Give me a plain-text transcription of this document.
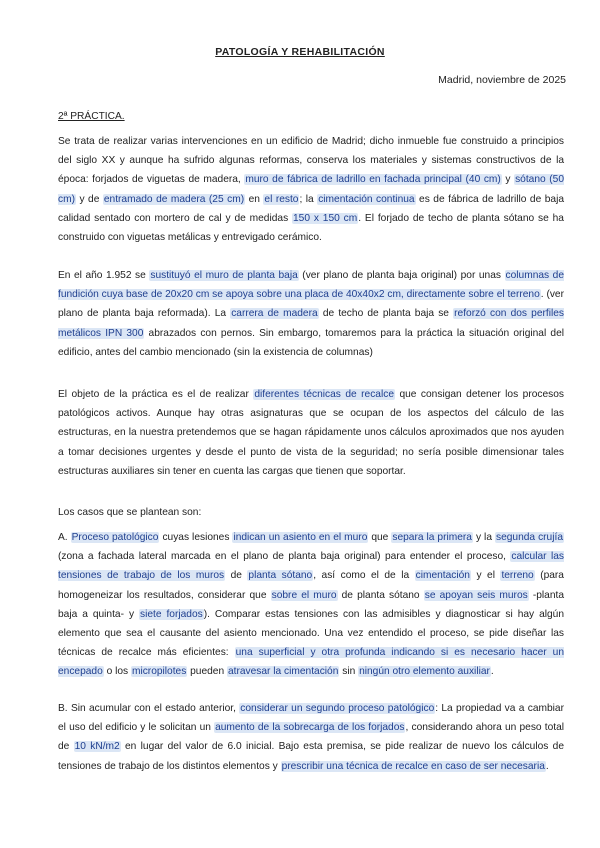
PATOLOGÍA Y REHABILITACIÓN
Madrid, noviembre de 2025
2ª PRÁCTICA.

Se trata de realizar varias intervenciones en un edificio de Madrid; dicho inmueble fue construido a principios del siglo XX y aunque ha sufrido algunas reformas, conserva los materiales y sistemas constructivos de la época: forjados de viguetas de madera, muro de fábrica de ladrillo en fachada principal (40 cm) y sótano (50 cm) y de entramado de madera (25 cm) en el resto; la cimentación continua es de fábrica de ladrillo de baja calidad sentado con mortero de cal y de medidas 150 x 150 cm. El forjado de techo de planta sótano se ha construido con viguetas metálicas y entrevigado cerámico.

En el año 1.952 se sustituyó el muro de planta baja (ver plano de planta baja original) por unas columnas de fundición cuya base de 20x20 cm se apoya sobre una placa de 40x40x2 cm, directamente sobre el terreno. (ver plano de planta baja reformada). La carrera de madera de techo de planta baja se reforzó con dos perfiles metálicos IPN 300 abrazados con pernos. Sin embargo, tomaremos para la práctica la situación original del edificio, antes del cambio mencionado (sin la existencia de columnas)

El objeto de la práctica es el de realizar diferentes técnicas de recalce que consigan detener los procesos patológicos activos. Aunque hay otras asignaturas que se ocupan de los aspectos del cálculo de las estructuras, en la nuestra pretendemos que se hagan rápidamente unos cálculos aproximados que nos ayuden a tomar decisiones urgentes y desde el punto de vista de la seguridad; no sería posible dimensionar tales estructuras auxiliares sin tener en cuenta las cargas que tienen que soportar.

Los casos que se plantean son:

A. Proceso patológico cuyas lesiones indican un asiento en el muro que separa la primera y la segunda crujía (zona a fachada lateral marcada en el plano de planta baja original) para entender el proceso, calcular las tensiones de trabajo de los muros de planta sótano, así como el de la cimentación y el terreno (para homogeneizar los resultados, considerar que sobre el muro de planta sótano se apoyan seis muros -planta baja a quinta- y siete forjados). Comparar estas tensiones con las admisibles y diagnosticar si hay algún elemento que sea el causante del asiento mencionado. Una vez entendido el proceso, se pide diseñar las técnicas de recalce más eficientes: una superficial y otra profunda indicando si es necesario hacer un encepado o los micropilotes pueden atravesar la cimentación sin ningún otro elemento auxiliar.

B. Sin acumular con el estado anterior, considerar un segundo proceso patológico: La propiedad va a cambiar el uso del edificio y le solicitan un aumento de la sobrecarga de los forjados, considerando ahora un peso total de 10 kN/m2 en lugar del valor de 6.0 inicial. Bajo esta premisa, se pide realizar de nuevo los cálculos de tensiones de trabajo de los distintos elementos y prescribir una técnica de recalce en caso de ser necesaria.
